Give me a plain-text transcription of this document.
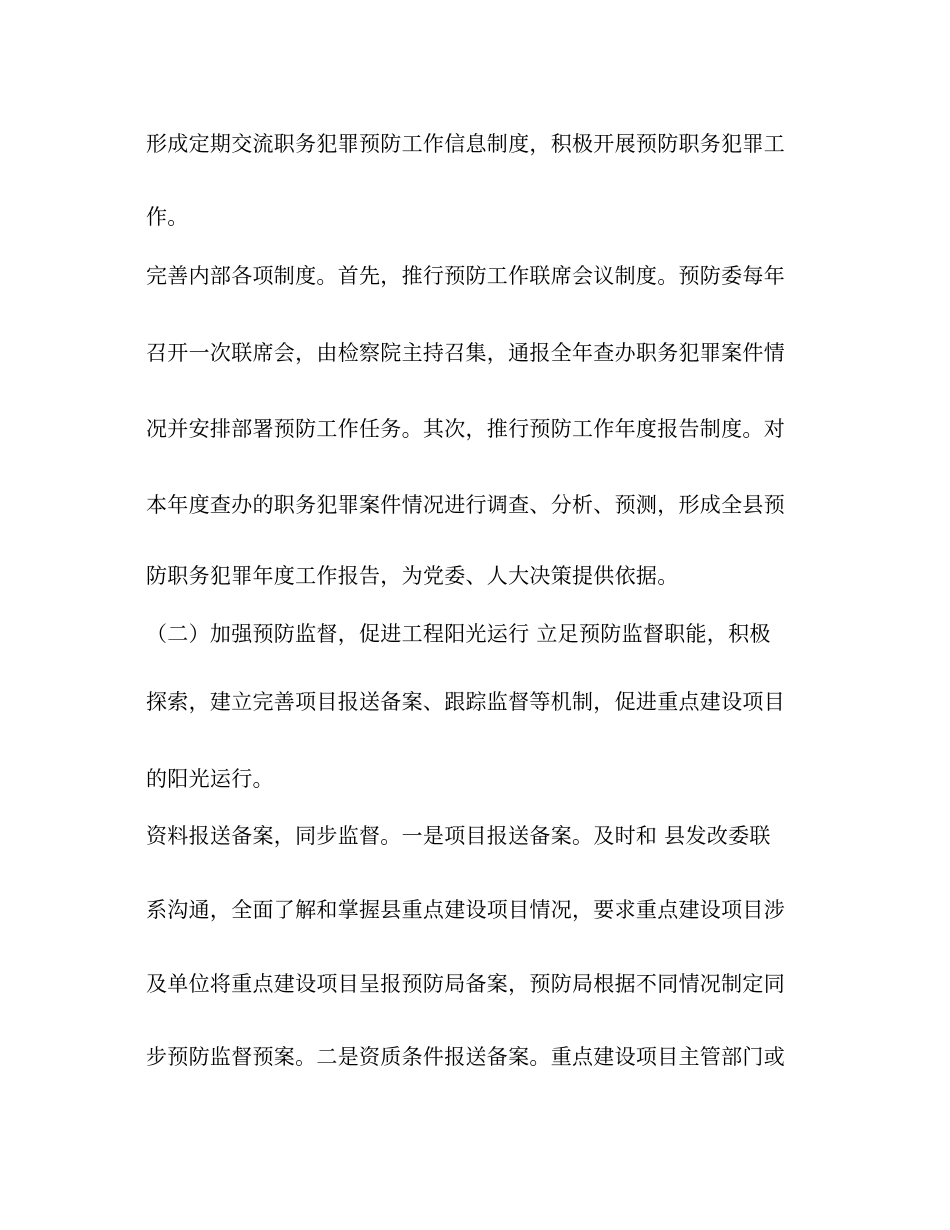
形成定期交流职务犯罪预防工作信息制度，积极开展预防职务犯罪工
作。
完善内部各项制度。首先，推行预防工作联席会议制度。预防委每年
召开一次联席会，由检察院主持召集，通报全年查办职务犯罪案件情
况并安排部署预防工作任务。其次，推行预防工作年度报告制度。对
本年度查办的职务犯罪案件情况进行调查、分析、预测，形成全县预
防职务犯罪年度工作报告，为党委、人大决策提供依据。
（二）加强预防监督，促进工程阳光运行 立足预防监督职能，积极
探索，建立完善项目报送备案、跟踪监督等机制，促进重点建设项目
的阳光运行。
资料报送备案，同步监督。一是项目报送备案。及时和 县发改委联
系沟通，全面了解和掌握县重点建设项目情况，要求重点建设项目涉
及单位将重点建设项目呈报预防局备案，预防局根据不同情况制定同
步预防监督预案。二是资质条件报送备案。重点建设项目主管部门或
